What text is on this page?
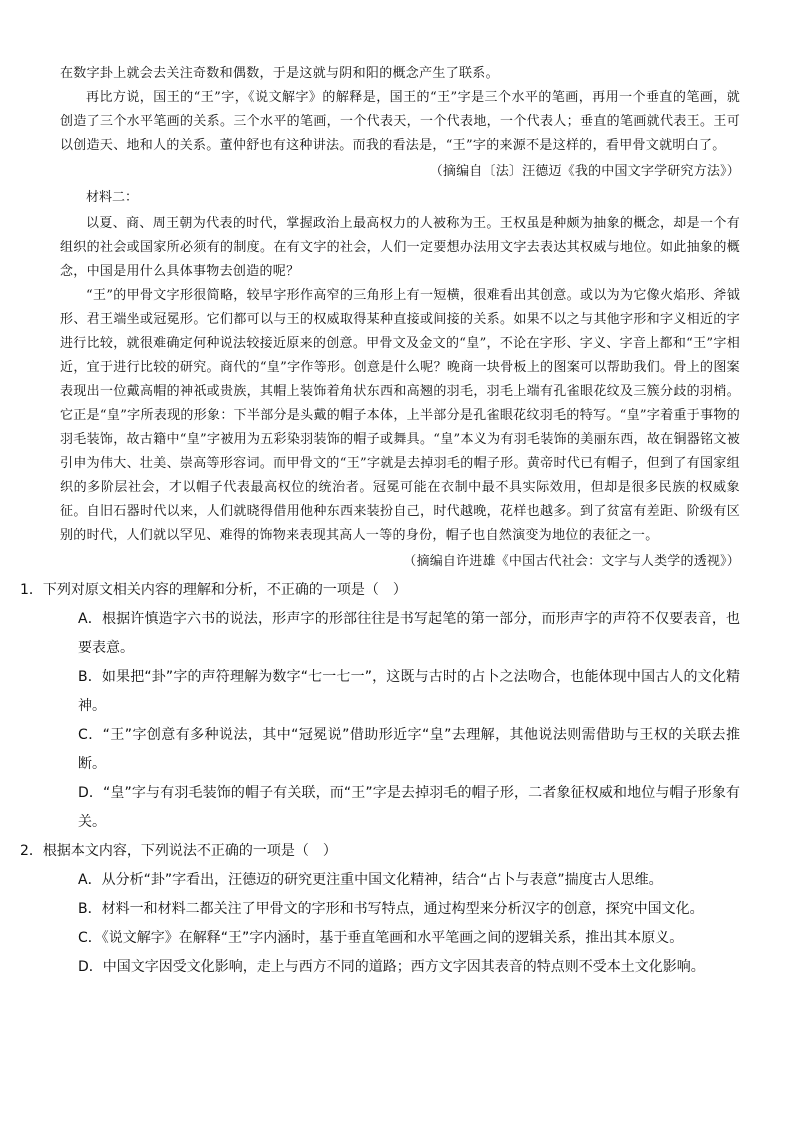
在数字卦上就会去关注奇数和偶数，于是这就与阴和阳的概念产生了联系。

再比方说，国王的“王”字，《说文解字》的解释是，国王的“王”字是三个水平的笔画，再用一个垂直的笔画，就创造了三个水平笔画的关系。三个水平的笔画，一个代表天，一个代表地，一个代表人；垂直的笔画就代表王。王可以创造天、地和人的关系。董仲舒也有这种讲法。而我的看法是，“王”字的来源不是这样的，看甲骨文就明白了。

（摘编自〔法〕汪德迈《我的中国文字学研究方法》）

材料二：

以夏、商、周王朝为代表的时代，掌握政治上最高权力的人被称为王。王权虽是种颇为抽象的概念，却是一个有组织的社会或国家所必须有的制度。在有文字的社会，人们一定要想办法用文字去表达其权威与地位。如此抽象的概念，中国是用什么具体事物去创造的呢？

“王”的甲骨文字形很简略，较早字形作高窄的三角形上有一短横，很难看出其创意。或以为为它像火焰形、斧钺形、君王端坐或冠冕形。它们都可以与王的权威取得某种直接或间接的关系。如果不以之与其他字形和字义相近的字进行比较，就很难确定何种说法较接近原来的创意。甲骨文及金文的“皇”，不论在字形、字义、字音上都和“王”字相近，宜于进行比较的研究。商代的“皇”字作等形。创意是什么呢？晚商一块骨板上的图案可以帮助我们。骨上的图案表现出一位戴高帽的神祇或贵族，其帽上装饰着角状东西和高翘的羽毛，羽毛上端有孔雀眼花纹及三簇分歧的羽梢。它正是“皇”字所表现的形象：下半部分是头戴的帽子本体，上半部分是孔雀眼花纹羽毛的特写。“皇”字着重于事物的羽毛装饰，故古籍中“皇”字被用为五彩染羽装饰的帽子或舞具。“皇”本义为有羽毛装饰的美丽东西，故在铜器铭文被引申为伟大、壮美、崇高等形容词。而甲骨文的“王”字就是去掉羽毛的帽子形。黄帝时代已有帽子，但到了有国家组织的多阶层社会，才以帽子代表最高权位的统治者。冠冕可能在衣制中最不具实际效用，但却是很多民族的权威象征。自旧石器时代以来，人们就晓得借用他种东西来装扮自己，时代越晚，花样也越多。到了贫富有差距、阶级有区别的时代，人们就以罕见、难得的饰物来表现其高人一等的身份，帽子也自然演变为地位的表征之一。

（摘编自许进雄《中国古代社会：文字与人类学的透视》）

1．下列对原文相关内容的理解和分析，不正确的一项是（　）

A．根据许慎造字六书的说法，形声字的形部往往是书写起笔的第一部分，而形声字的声符不仅要表音，也要表意。

B．如果把“卦”字的声符理解为数字“七一七一”，这既与古时的占卜之法吻合，也能体现中国古人的文化精神。

C．“王”字创意有多种说法，其中“冠冕说”借助形近字“皇”去理解，其他说法则需借助与王权的关联去推断。

D．“皇”字与有羽毛装饰的帽子有关联，而“王”字是去掉羽毛的帽子形，二者象征权威和地位与帽子形象有关。

2．根据本文内容，下列说法不正确的一项是（　）

A．从分析“卦”字看出，汪德迈的研究更注重中国文化精神，结合“占卜与表意”揣度古人思维。

B．材料一和材料二都关注了甲骨文的字形和书写特点，通过构型来分析汉字的创意，探究中国文化。

C．《说文解字》在解释“王”字内涵时，基于垂直笔画和水平笔画之间的逻辑关系，推出其本原义。

D．中国文字因受文化影响，走上与西方不同的道路；西方文字因其表音的特点则不受本土文化影响。
